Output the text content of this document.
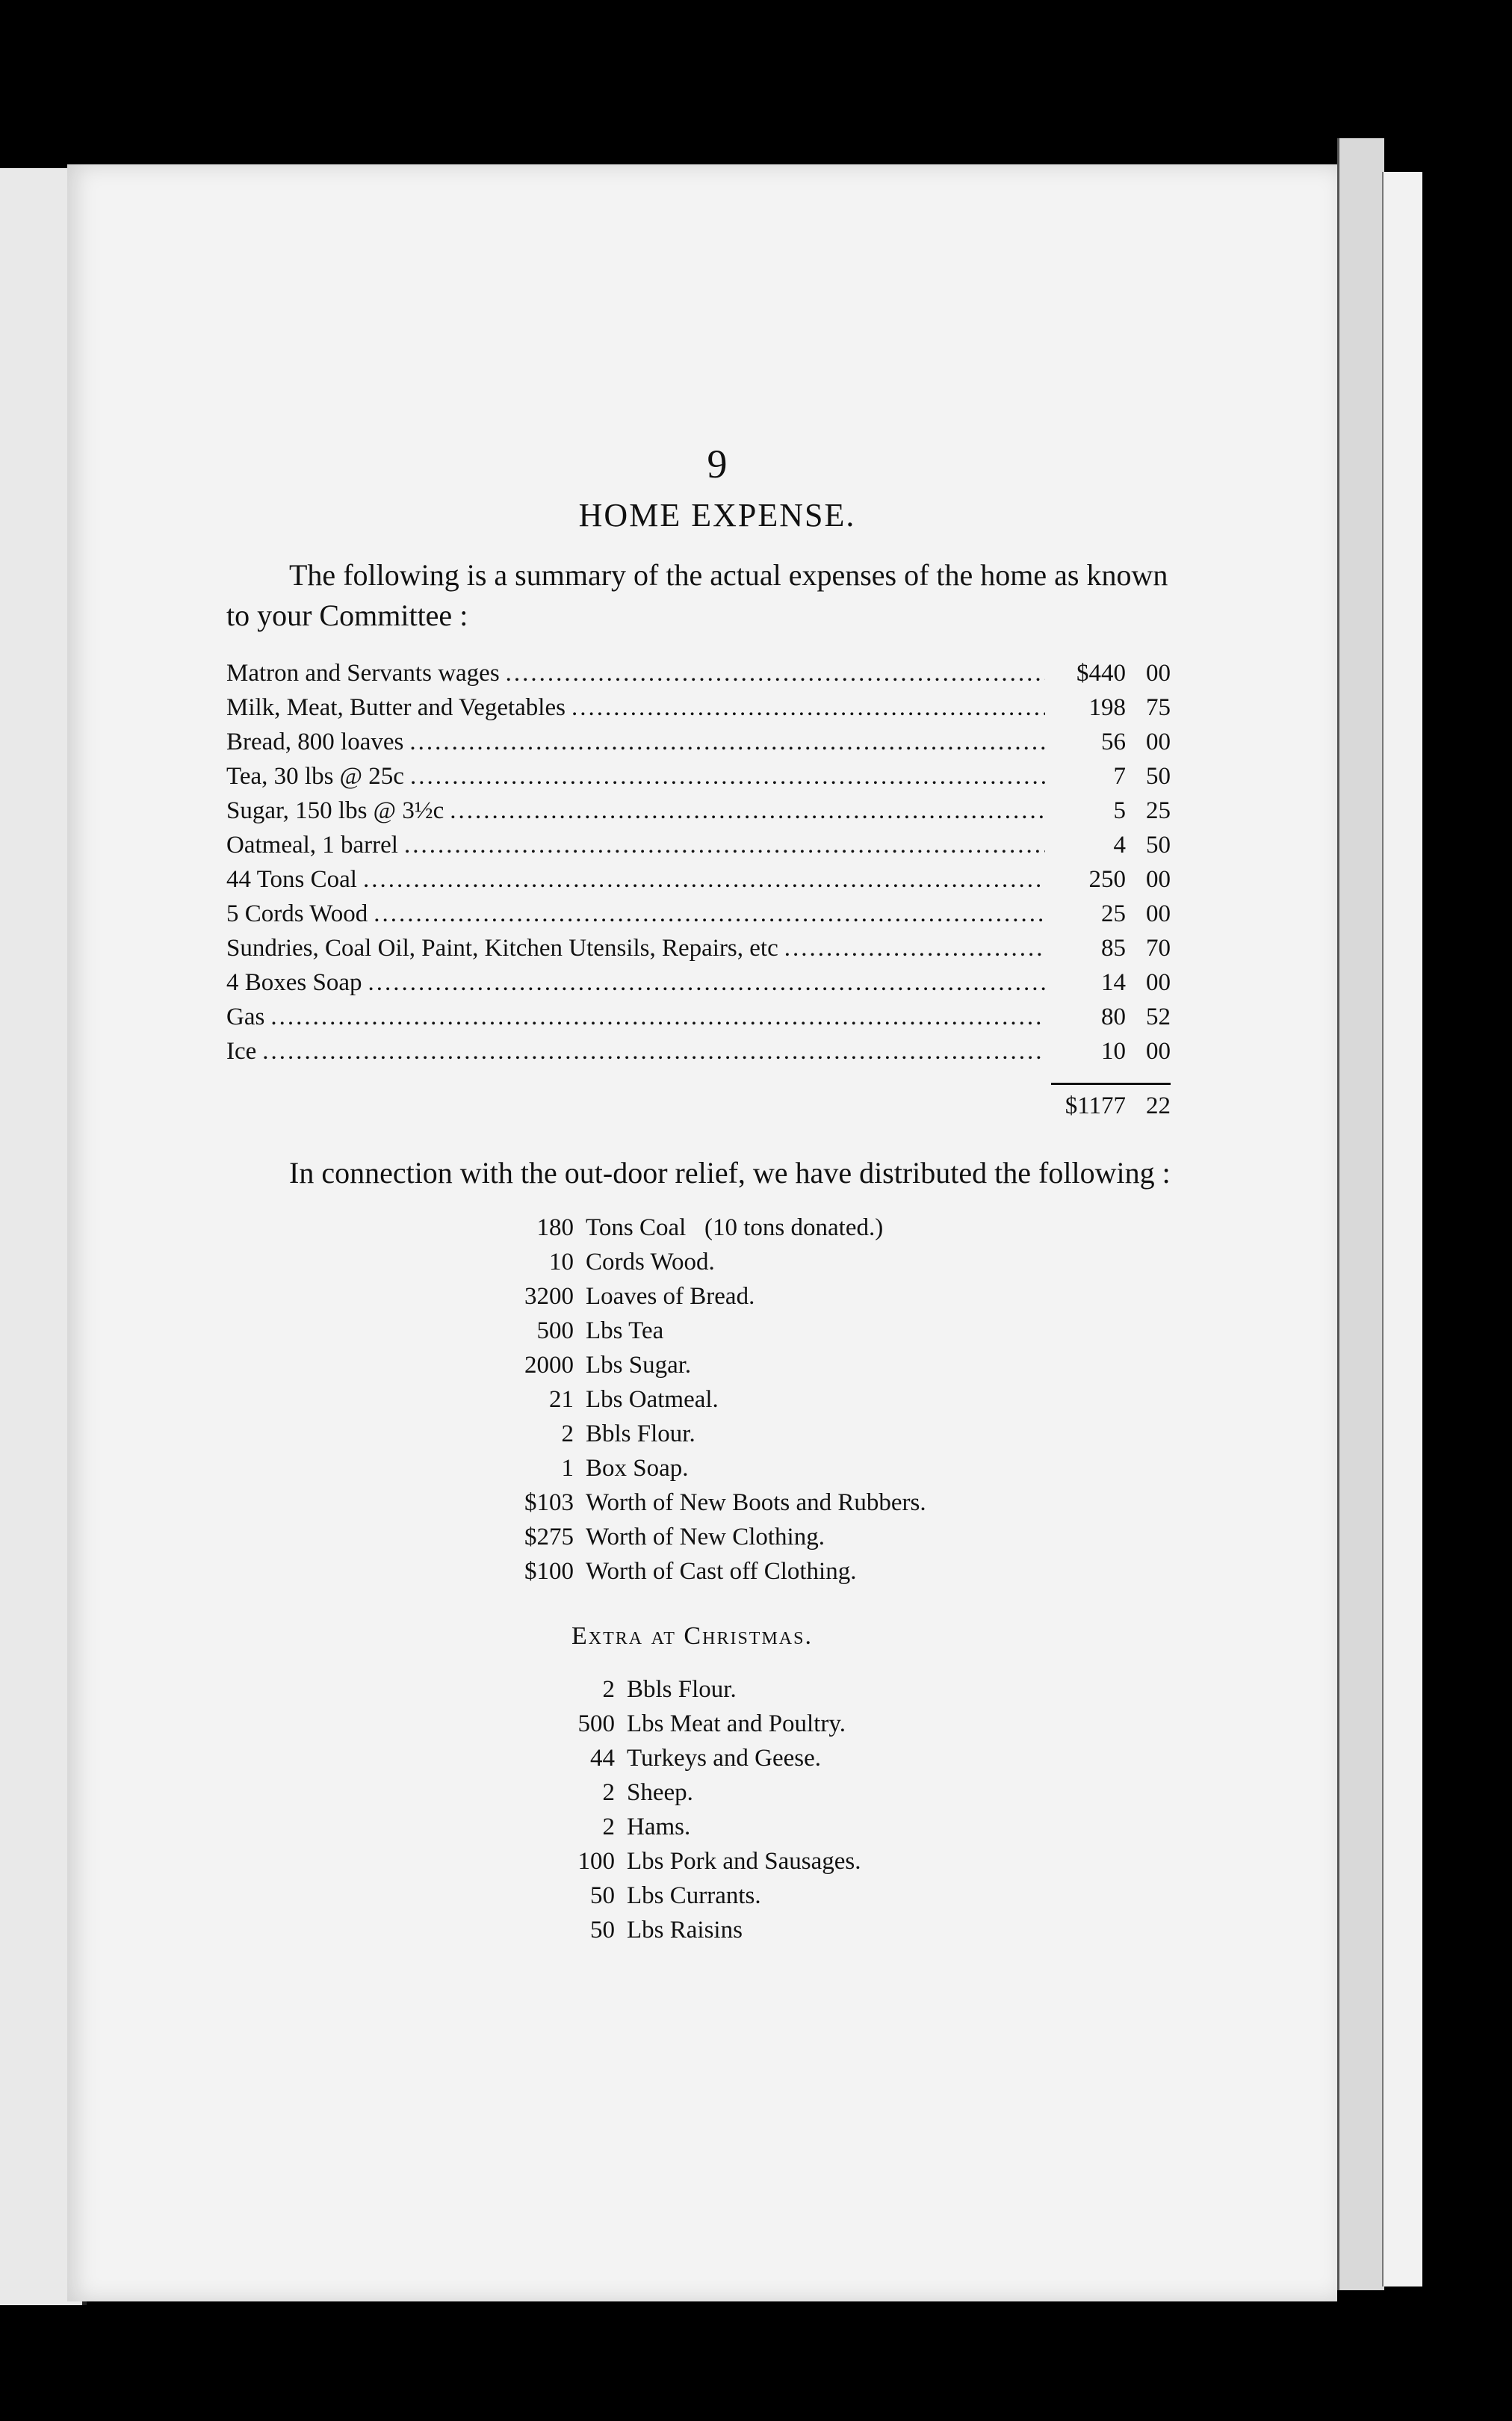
9
HOME EXPENSE.
The following is a summary of the actual expenses of the home as known to your Committee :
Matron and Servants wages .....	$440 00
Milk, Meat, Butter and Vegetables .....	198 75
Bread, 800 loaves .....	56 00
Tea, 30 lbs @ 25c .....	7 50
Sugar, 150 lbs @ 3½c .....	5 25
Oatmeal, 1 barrel .....	4 50
44 Tons Coal .....	250 00
5 Cords Wood .....	25 00
Sundries, Coal Oil, Paint, Kitchen Utensils, Repairs, etc .....	85 70
4 Boxes Soap .....	14 00
Gas .....	80 52
Ice .....	10 00
$1177 22
In connection with the out-door relief, we have distributed the following :
180 Tons Coal   (10 tons donated.)
10 Cords Wood.
3200 Loaves of Bread.
500 Lbs Tea
2000 Lbs Sugar.
21 Lbs Oatmeal.
2 Bbls Flour.
1 Box Soap.
$103 Worth of New Boots and Rubbers.
$275 Worth of New Clothing.
$100 Worth of Cast off Clothing.
Extra at Christmas.
2 Bbls Flour.
500 Lbs Meat and Poultry.
44 Turkeys and Geese.
2 Sheep.
2 Hams.
100 Lbs Pork and Sausages.
50 Lbs Currants.
50 Lbs Raisins
